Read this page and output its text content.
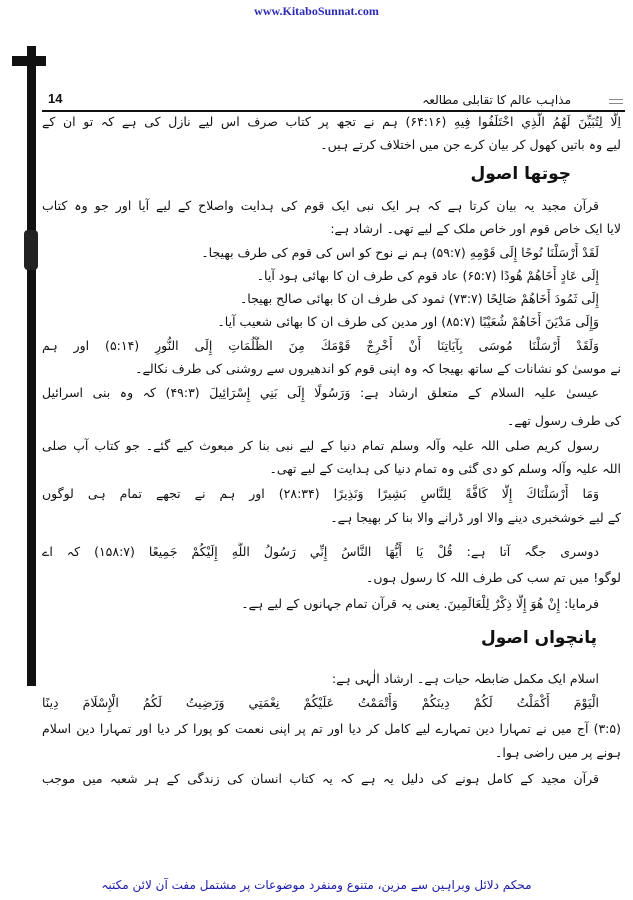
www.KitaboSunnat.com
14	مذاہب عالم کا تقابلی مطالعہ
اِلَّا لِتُبَيِّنَ لَهُمُ الَّذِي اخْتَلَفُوا فِيهِ (۶۴:۱۶) ہم نے تجھ پر کتاب صرف اس لیے نازل کی ہے کہ تو ان کے
لیے وہ باتیں کھول کر بیان کرے جن میں اختلاف کرتے ہیں۔
چوتھا اصول
قرآن مجید یہ بیان کرتا ہے کہ ہر ایک نبی ایک قوم کی ہدایت واصلاح کے لیے آیا اور جو وہ کتاب
لایا ایک خاص قوم اور خاص ملک کے لیے تھی۔ ارشاد ہے:
لَقَدْ أَرْسَلْنَا نُوحًا إِلَى قَوْمِهِ (۵۹:۷) ہم نے نوح کو اس کی قوم کی طرف بھیجا۔
إِلَى عَادٍ أَخَاهُمْ هُودًا (۶۵:۷) عاد قوم کی طرف ان کا بھائی ہود آیا۔
إِلَى ثَمُودَ أَخَاهُمْ صَالِحًا (۷۳:۷) ثمود کی طرف ان کا بھائی صالح بھیجا۔
وَإِلَى مَدْيَنَ أَخَاهُمْ شُعَيْبًا (۸۵:۷) اور مدین کی طرف ان کا بھائی شعیب آیا۔
وَلَقَدْ أَرْسَلْنَا مُوسَى بِآيَاتِنَا أَنْ أَخْرِجْ قَوْمَكَ مِنَ الظُّلُمَاتِ إِلَى النُّورِ (۵:۱۴) اور ہم
نے موسیٰ کو نشانات کے ساتھ بھیجا کہ وہ اپنی قوم کو اندھیروں سے روشنی کی طرف نکالے۔
عیسیٰ علیہ السلام کے متعلق ارشاد ہے: وَرَسُولًا إِلَى بَنِي إِسْرَائِيلَ (۴۹:۳) کہ وہ بنی اسرائیل
کی طرف رسول تھے۔
رسول کریم صلی اللہ علیہ وآلہ وسلم تمام دنیا کے لیے نبی بنا کر مبعوث کیے گئے۔ جو کتاب آپ صلی
اللہ علیہ وآلہ وسلم کو دی گئی وہ تمام دنیا کی ہدایت کے لیے تھی۔
وَمَا أَرْسَلْنَاكَ إِلَّا كَافَّةً لِلنَّاسِ بَشِيرًا وَنَذِيرًا (۲۸:۳۴) اور ہم نے تجھے تمام ہی لوگوں
کے لیے خوشخبری دینے والا اور ڈرانے والا بنا کر بھیجا ہے۔
دوسری جگہ آتا ہے: قُلْ يَا أَيُّهَا النَّاسُ إِنِّي رَسُولُ اللَّهِ إِلَيْكُمْ جَمِيعًا (۱۵۸:۷) کہ اے
لوگو! میں تم سب کی طرف اللہ کا رسول ہوں۔
فرمایا: إِنْ هُوَ إِلَّا ذِكْرٌ لِلْعَالَمِينَ. یعنی یہ قرآن تمام جہانوں کے لیے ہے۔
پانچواں اصول
اسلام ایک مکمل ضابطہ حیات ہے۔ ارشاد الٰہی ہے:
الْيَوْمَ أَكْمَلْتُ لَكُمْ دِينَكُمْ وَأَتْمَمْتُ عَلَيْكُمْ نِعْمَتِي وَرَضِيتُ لَكُمُ الْإِسْلَامَ دِينًا
(۳:۵) آج میں نے تمہارا دین تمہارے لیے کامل کر دیا اور تم پر اپنی نعمت کو پورا کر دیا اور تمہارا دین اسلام
ہونے پر میں راضی ہوا۔
قرآن مجید کے کامل ہونے کی دلیل یہ ہے کہ یہ کتاب انسان کی زندگی کے ہر شعبہ میں موجب
محکم دلائل وبراہین سے مزین، متنوع ومنفرد موضوعات پر مشتمل مفت آن لائن مکتبہ
